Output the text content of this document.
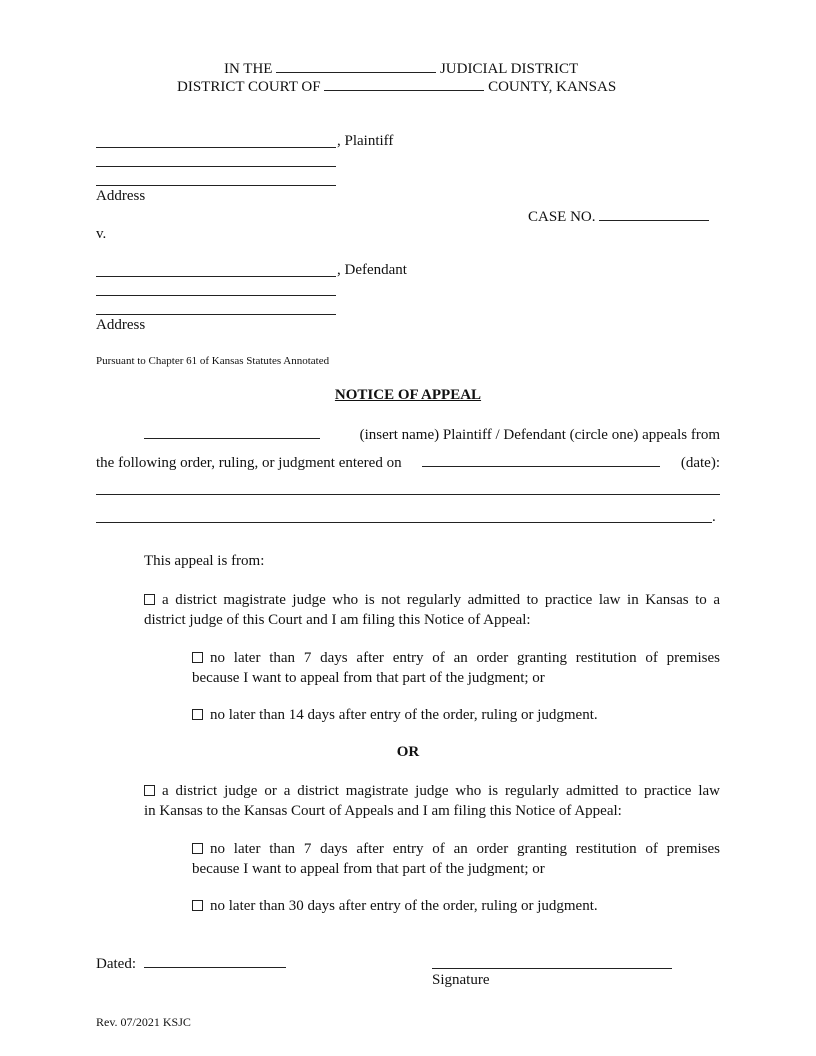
IN THE	JUDICIAL DISTRICT
DISTRICT COURT OF	COUNTY, KANSAS
, Plaintiff
Address
CASE NO.
v.
, Defendant
Address
Pursuant to Chapter 61 of Kansas Statutes Annotated
NOTICE OF APPEAL
(insert name) Plaintiff / Defendant (circle one) appeals from
the following order, ruling, or judgment entered on	(date):
.
This appeal is from:
a district magistrate judge who is not regularly admitted to practice law in Kansas to a
district judge of this Court and I am filing this Notice of Appeal:
no later than 7 days after entry of an order granting restitution of premises
because I want to appeal from that part of the judgment; or
no later than 14 days after entry of the order, ruling or judgment.
OR
a district judge or a district magistrate judge who is regularly admitted to practice law
in Kansas to the Kansas Court of Appeals and I am filing this Notice of Appeal:
no later than 7 days after entry of an order granting restitution of premises
because I want to appeal from that part of the judgment; or
no later than 30 days after entry of the order, ruling or judgment.
Dated:
Signature
Rev. 07/2021 KSJC
